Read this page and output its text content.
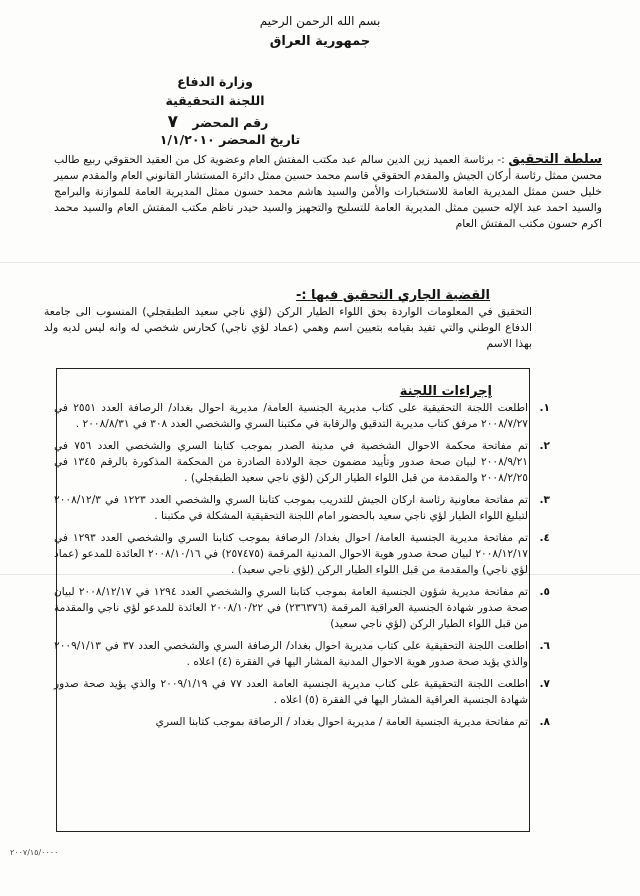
بسم الله الرحمن الرحيم
جمهورية العراق
وزارة الدفاع
اللجنة التحقيقية
رقم المحضر ٧
تاريخ المحضر ١/١/٢٠١٠
سلطة التحقيق :- برئاسة العميد زين الدين سالم عبد مكتب المفتش العام وعضوية كل من العقيد الحقوقي ربيع طالب محسن ممثل رئاسة أركان الجيش والمقدم الحقوقي قاسم محمد حسين ممثل دائرة المستشار القانوني العام والمقدم سمير خليل حسن ممثل المديرية العامة للاستخبارات والأمن والسيد هاشم محمد حسون ممثل المديرية العامة للموازنة والبرامج والسيد احمد عبد الإله حسين ممثل المديرية العامة للتسليح والتجهيز والسيد حيدر ناظم مكتب المفتش العام والسيد محمد اكرم حسون مكتب المفتش العام
القضية الجاري التحقيق فيها :-
التحقيق في المعلومات الواردة بحق اللواء الطيار الركن (لؤي ناجي سعيد الطبقجلي) المنسوب الى جامعة الدفاع الوطني والتي تفيد بقيامه بتعيين اسم وهمي (عماد لؤي ناجي) كحارس شخصي له وانه ليس لديه ولد بهذا الاسم
إجراءات اللجنة
١.
اطلعت اللجنة التحقيقية على كتاب مديرية الجنسية العامة/ مديرية احوال بغداد/ الرصافة العدد ٢٥٥١ في ٢٠٠٨/٧/٢٧ مرفق كتاب مديرية التدقيق والرقابة في مكتبنا السري والشخصي العدد ٣٠٨ في ٢٠٠٨/٨/٣١ .
٢.
تم مفاتحة محكمة الاحوال الشخصية في مدينة الصدر بموجب كتابنا السري والشخصي العدد ٧٥٦ في ٢٠٠٨/٩/٢١ لبيان صحة صدور وتأييد مضمون حجة الولادة الصادرة من المحكمة المذكورة بالرقم ١٣٤٥ في ٢٠٠٨/٢/٢٥ والمقدمة من قبل اللواء الطيار الركن (لؤي ناجي سعيد الطبقجلي) .
٣.
تم مفاتحة معاونية رئاسة اركان الجيش للتدريب بموجب كتابنا السري والشخصي العدد ١٢٢٣ في ٢٠٠٨/١٢/٣ لتبليغ اللواء الطيار لؤي ناجي سعيد بالحضور امام اللجنة التحقيقية المشكلة في مكتبنا .
٤.
تم مفاتحة مديرية الجنسية العامة/ احوال بغداد/ الرصافة بموجب كتابنا السري والشخصي العدد ١٢٩٣ في ٢٠٠٨/١٢/١٧ لبيان صحة صدور هوية الاحوال المدنية المرقمة (٢٥٧٤٧٥) في ٢٠٠٨/١٠/١٦ العائدة للمدعو (عماد لؤي ناجي) والمقدمة من قبل اللواء الطيار الركن (لؤي ناجي سعيد) .
٥.
تم مفاتحة مديرية شؤون الجنسية العامة بموجب كتابنا السري والشخصي العدد ١٢٩٤ في ٢٠٠٨/١٢/١٧ لبيان صحة صدور شهادة الجنسية العراقية المرقمة (٢٣٦٣٧٦) في ٢٠٠٨/١٠/٢٢ العائدة للمدعو لؤي ناجي والمقدمة من قبل اللواء الطيار الركن (لؤي ناجي سعيد)
٦.
اطلعت اللجنة التحقيقية على كتاب مديرية احوال بغداد/ الرصافة السري والشخصي العدد ٣٧ في ٢٠٠٩/١/١٣ والذي يؤيد صحة صدور هوية الاحوال المدنية المشار اليها في الفقرة (٤) اعلاه .
٧.
اطلعت اللجنة التحقيقية على كتاب مديرية الجنسية العامة العدد ٧٧ في ٢٠٠٩/١/١٩ والذي يؤيد صحة صدور شهادة الجنسية العراقية المشار اليها في الفقرة (٥) اعلاه .
٨.
تم مفاتحة مديرية الجنسية العامة / مديرية احوال بغداد / الرصافة بموجب كتابنا السري
٢٠٠٧/١٥/٠٠٠٠
